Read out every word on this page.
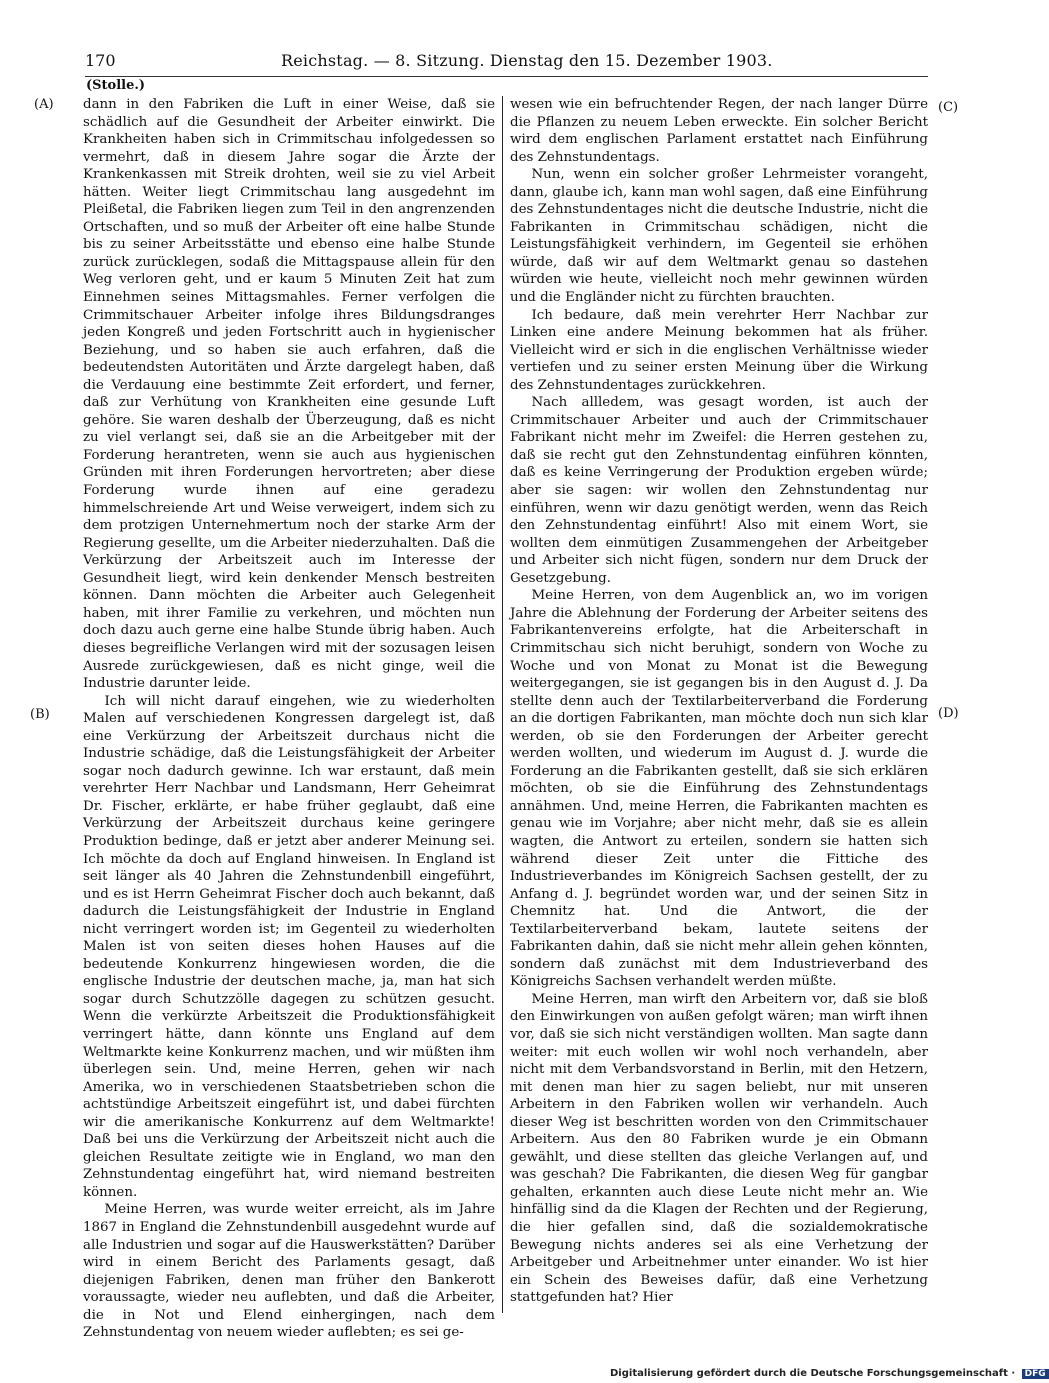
170	Reichstag. — 8. Sitzung. Dienstag den 15. Dezember 1903.
(Stolle.)
(A)
(B)
(C)
(D)

dann in den Fabriken die Luft in einer Weise, daß sie schädlich auf die Gesundheit der Arbeiter einwirkt. Die Krankheiten haben sich in Crimmitschau infolgedessen so vermehrt, daß in diesem Jahre sogar die Ärzte der Krankenkassen mit Streik drohten, weil sie zu viel Arbeit hätten. Weiter liegt Crimmitschau lang ausgedehnt im Pleißetal, die Fabriken liegen zum Teil in den angrenzenden Ortschaften, und so muß der Arbeiter oft eine halbe Stunde bis zu seiner Arbeitsstätte und ebenso eine halbe Stunde zurück zurücklegen, sodaß die Mittagspause allein für den Weg verloren geht, und er kaum 5 Minuten Zeit hat zum Einnehmen seines Mittagsmahles. Ferner verfolgen die Crimmitschauer Arbeiter infolge ihres Bildungsdranges jeden Kongreß und jeden Fortschritt auch in hygienischer Beziehung, und so haben sie auch erfahren, daß die bedeutendsten Autoritäten und Ärzte dargelegt haben, daß die Verdauung eine bestimmte Zeit erfordert, und ferner, daß zur Verhütung von Krankheiten eine gesunde Luft gehöre. Sie waren deshalb der Überzeugung, daß es nicht zu viel verlangt sei, daß sie an die Arbeitgeber mit der Forderung herantreten, wenn sie auch aus hygienischen Gründen mit ihren Forderungen hervortreten; aber diese Forderung wurde ihnen auf eine geradezu himmelschreiende Art und Weise verweigert, indem sich zu dem protzigen Unternehmertum noch der starke Arm der Regierung gesellte, um die Arbeiter niederzuhalten. Daß die Verkürzung der Arbeitszeit auch im Interesse der Gesundheit liegt, wird kein denkender Mensch bestreiten können. Dann möchten die Arbeiter auch Gelegenheit haben, mit ihrer Familie zu verkehren, und möchten nun doch dazu auch gerne eine halbe Stunde übrig haben. Auch dieses begreifliche Verlangen wird mit der sozusagen leisen Ausrede zurückgewiesen, daß es nicht ginge, weil die Industrie darunter leide.

Ich will nicht darauf eingehen, wie zu wiederholten Malen auf verschiedenen Kongressen dargelegt ist, daß eine Verkürzung der Arbeitszeit durchaus nicht die Industrie schädige, daß die Leistungsfähigkeit der Arbeiter sogar noch dadurch gewinne. Ich war erstaunt, daß mein verehrter Herr Nachbar und Landsmann, Herr Geheimrat Dr. Fischer, erklärte, er habe früher geglaubt, daß eine Verkürzung der Arbeitszeit durchaus keine geringere Produktion bedinge, daß er jetzt aber anderer Meinung sei. Ich möchte da doch auf England hinweisen. In England ist seit länger als 40 Jahren die Zehnstundenbill eingeführt, und es ist Herrn Geheimrat Fischer doch auch bekannt, daß dadurch die Leistungsfähigkeit der Industrie in England nicht verringert worden ist; im Gegenteil zu wiederholten Malen ist von seiten dieses hohen Hauses auf die bedeutende Konkurrenz hingewiesen worden, die die englische Industrie der deutschen mache, ja, man hat sich sogar durch Schutzzölle dagegen zu schützen gesucht. Wenn die verkürzte Arbeitszeit die Produktionsfähigkeit verringert hätte, dann könnte uns England auf dem Weltmarkte keine Konkurrenz machen, und wir müßten ihm überlegen sein. Und, meine Herren, gehen wir nach Amerika, wo in verschiedenen Staatsbetrieben schon die achtstündige Arbeitszeit eingeführt ist, und dabei fürchten wir die amerikanische Konkurrenz auf dem Weltmarkte! Daß bei uns die Verkürzung der Arbeitszeit nicht auch die gleichen Resultate zeitigte wie in England, wo man den Zehnstundentag eingeführt hat, wird niemand bestreiten können.

Meine Herren, was wurde weiter erreicht, als im Jahre 1867 in England die Zehnstundenbill ausgedehnt wurde auf alle Industrien und sogar auf die Hauswerkstätten? Darüber wird in einem Bericht des Parlaments gesagt, daß diejenigen Fabriken, denen man früher den Bankerott voraussagte, wieder neu auflebten, und daß die Arbeiter, die in Not und Elend einhergingen, nach dem Zehnstundentag von neuem wieder auflebten; es sei ge-

wesen wie ein befruchtender Regen, der nach langer Dürre die Pflanzen zu neuem Leben erweckte. Ein solcher Bericht wird dem englischen Parlament erstattet nach Einführung des Zehnstundentags.

Nun, wenn ein solcher großer Lehrmeister vorangeht, dann, glaube ich, kann man wohl sagen, daß eine Einführung des Zehnstundentages nicht die deutsche Industrie, nicht die Fabrikanten in Crimmitschau schädigen, nicht die Leistungsfähigkeit verhindern, im Gegenteil sie erhöhen würde, daß wir auf dem Weltmarkt genau so dastehen würden wie heute, vielleicht noch mehr gewinnen würden und die Engländer nicht zu fürchten brauchten.

Ich bedaure, daß mein verehrter Herr Nachbar zur Linken eine andere Meinung bekommen hat als früher. Vielleicht wird er sich in die englischen Verhältnisse wieder vertiefen und zu seiner ersten Meinung über die Wirkung des Zehnstundentages zurückkehren.

Nach allledem, was gesagt worden, ist auch der Crimmitschauer Arbeiter und auch der Crimmitschauer Fabrikant nicht mehr im Zweifel: die Herren gestehen zu, daß sie recht gut den Zehnstundentag einführen könnten, daß es keine Verringerung der Produktion ergeben würde; aber sie sagen: wir wollen den Zehnstundentag nur einführen, wenn wir dazu genötigt werden, wenn das Reich den Zehnstundentag einführt! Also mit einem Wort, sie wollten dem einmütigen Zusammengehen der Arbeitgeber und Arbeiter sich nicht fügen, sondern nur dem Druck der Gesetzgebung.

Meine Herren, von dem Augenblick an, wo im vorigen Jahre die Ablehnung der Forderung der Arbeiter seitens des Fabrikantenvereins erfolgte, hat die Arbeiterschaft in Crimmitschau sich nicht beruhigt, sondern von Woche zu Woche und von Monat zu Monat ist die Bewegung weitergegangen, sie ist gegangen bis in den August d. J. Da stellte denn auch der Textilarbeiterverband die Forderung an die dortigen Fabrikanten, man möchte doch nun sich klar werden, ob sie den Forderungen der Arbeiter gerecht werden wollten, und wiederum im August d. J. wurde die Forderung an die Fabrikanten gestellt, daß sie sich erklären möchten, ob sie die Einführung des Zehnstundentags annähmen. Und, meine Herren, die Fabrikanten machten es genau wie im Vorjahre; aber nicht mehr, daß sie es allein wagten, die Antwort zu erteilen, sondern sie hatten sich während dieser Zeit unter die Fittiche des Industrieverbandes im Königreich Sachsen gestellt, der zu Anfang d. J. begründet worden war, und der seinen Sitz in Chemnitz hat. Und die Antwort, die der Textilarbeiterverband bekam, lautete seitens der Fabrikanten dahin, daß sie nicht mehr allein gehen könnten, sondern daß zunächst mit dem Industrieverband des Königreichs Sachsen verhandelt werden müßte.

Meine Herren, man wirft den Arbeitern vor, daß sie bloß den Einwirkungen von außen gefolgt wären; man wirft ihnen vor, daß sie sich nicht verständigen wollten. Man sagte dann weiter: mit euch wollen wir wohl noch verhandeln, aber nicht mit dem Verbandsvorstand in Berlin, mit den Hetzern, mit denen man hier zu sagen beliebt, nur mit unseren Arbeitern in den Fabriken wollen wir verhandeln. Auch dieser Weg ist beschritten worden von den Crimmitschauer Arbeitern. Aus den 80 Fabriken wurde je ein Obmann gewählt, und diese stellten das gleiche Verlangen auf, und was geschah? Die Fabrikanten, die diesen Weg für gangbar gehalten, erkannten auch diese Leute nicht mehr an. Wie hinfällig sind da die Klagen der Rechten und der Regierung, die hier gefallen sind, daß die sozialdemokratische Bewegung nichts anderes sei als eine Verhetzung der Arbeitgeber und Arbeitnehmer unter einander. Wo ist hier ein Schein des Beweises dafür, daß eine Verhetzung stattgefunden hat? Hier

Digitalisierung gefördert durch die Deutsche Forschungsgemeinschaft · DFG
